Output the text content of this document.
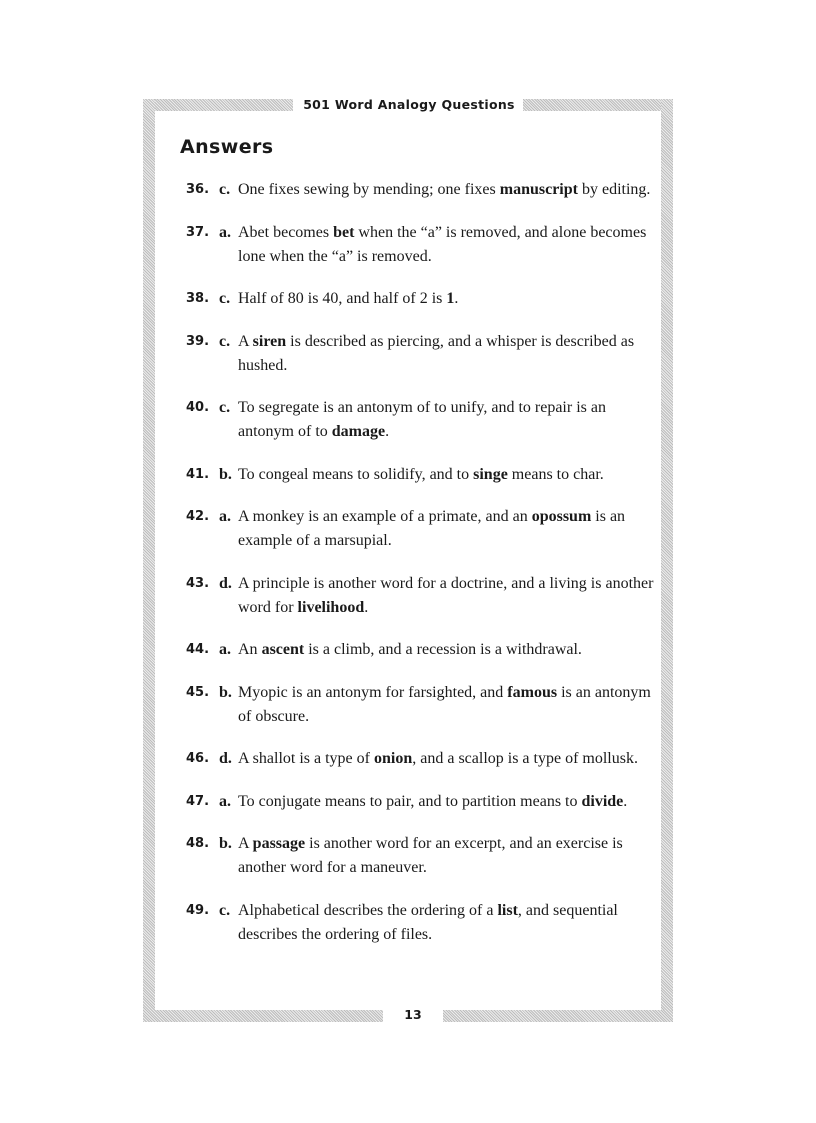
501 Word Analogy Questions
13
Answers
36. c. One fixes sewing by mending; one fixes manuscript by editing.
37. a. Abet becomes bet when the “a” is removed, and alone becomes lone when the “a” is removed.
38. c. Half of 80 is 40, and half of 2 is 1.
39. c. A siren is described as piercing, and a whisper is described as hushed.
40. c. To segregate is an antonym of to unify, and to repair is an antonym of to damage.
41. b. To congeal means to solidify, and to singe means to char.
42. a. A monkey is an example of a primate, and an opossum is an example of a marsupial.
43. d. A principle is another word for a doctrine, and a living is another word for livelihood.
44. a. An ascent is a climb, and a recession is a withdrawal.
45. b. Myopic is an antonym for farsighted, and famous is an antonym of obscure.
46. d. A shallot is a type of onion, and a scallop is a type of mollusk.
47. a. To conjugate means to pair, and to partition means to divide.
48. b. A passage is another word for an excerpt, and an exercise is another word for a maneuver.
49. c. Alphabetical describes the ordering of a list, and sequential describes the ordering of files.
